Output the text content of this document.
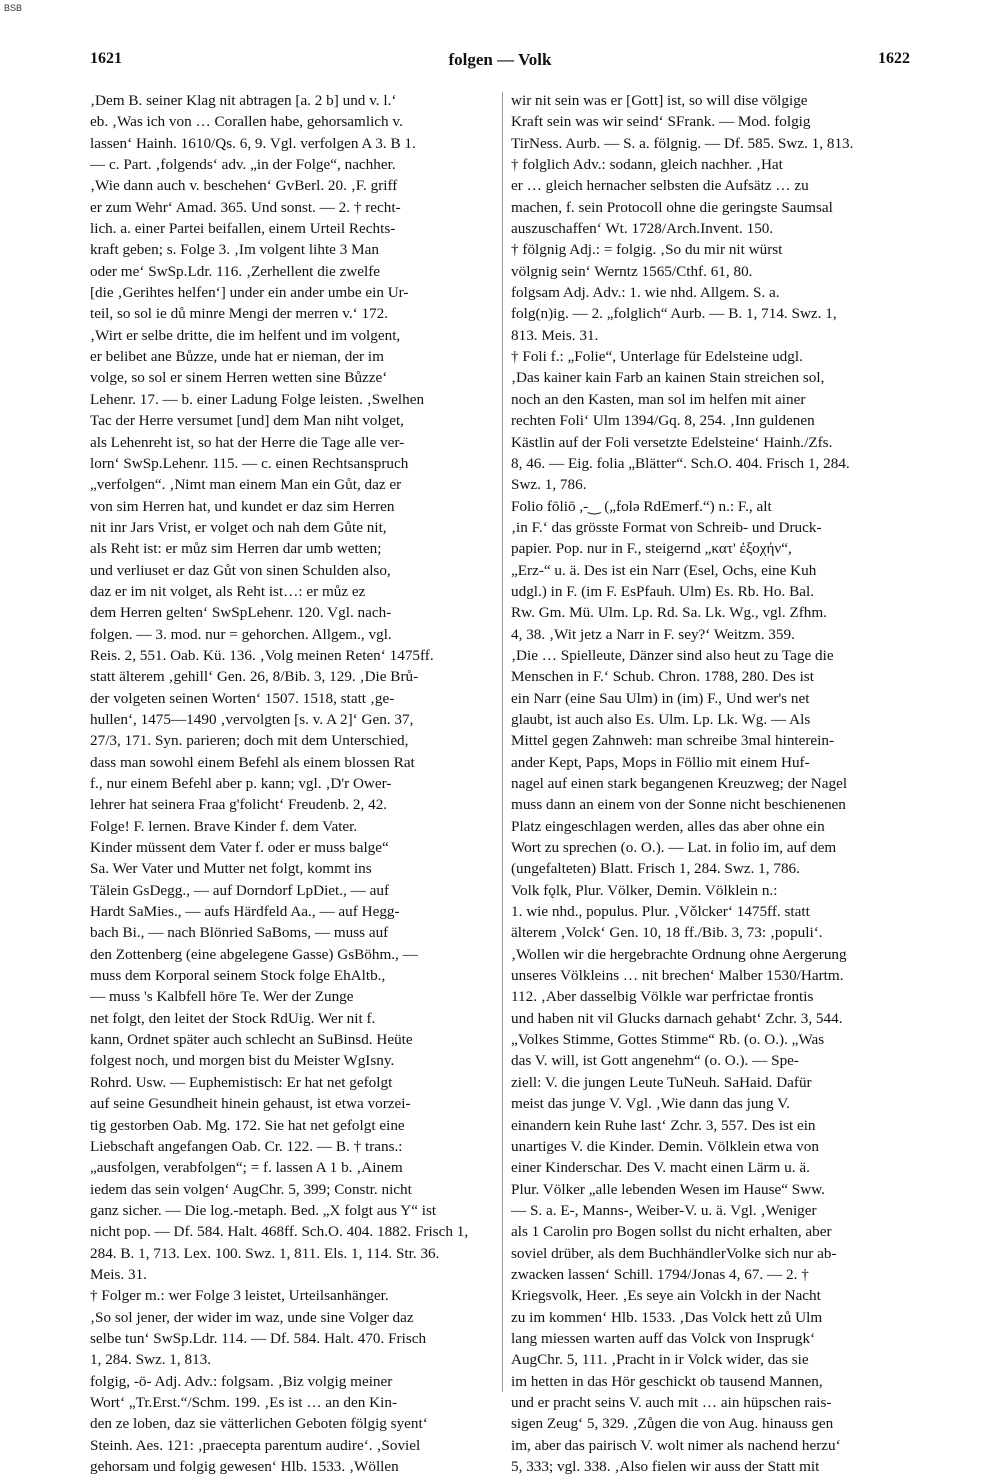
BSB
1621	folgen — Volk	1622
‚Dem B. seiner Klag nit abtragen [a. 2 b] und v. l.‘
eb. ‚Was ich von … Corallen habe, gehorsamlich v.
lassen‘ Hainh. 1610/Qs. 6, 9. Vgl. verfolgen A 3. B 1.
— c. Part. ‚folgends‘ adv. „in der Folge“, nachher.
‚Wie dann auch v. beschehen‘ GvBerl. 20. ‚F. griff
er zum Wehr‘ Amad. 365. Und sonst. — 2. † recht-
lich. a. einer Partei beifallen, einem Urteil Rechts-
kraft geben; s. Folge 3. ‚Im volgent lihte 3 Man
oder me‘ SwSp.Ldr. 116. ‚Zerhellent die zwelfe
[die ‚Gerihtes helfen‘] under ein ander umbe ein Ur-
teil, so sol ie dů minre Mengi der merren v.‘ 172.
‚Wirt er selbe dritte, die im helfent und im volgent,
er belibet ane Bůzze, unde hat er nieman, der im
volge, so sol er sinem Herren wetten sine Bůzze‘
Lehenr. 17. — b. einer Ladung Folge leisten. ‚Swelhen
Tac der Herre versumet [und] dem Man niht volget,
als Lehenreht ist, so hat der Herre die Tage alle ver-
lorn‘ SwSp.Lehenr. 115. — c. einen Rechtsanspruch
„verfolgen“. ‚Nimt man einem Man ein Gůt, daz er
von sim Herren hat, und kundet er daz sim Herren
nit inr Jars Vrist, er volget och nah dem Gůte nit,
als Reht ist: er můz sim Herren dar umb wetten;
und verliuset er daz Gůt von sinen Schulden also,
daz er im nit volget, als Reht ist…: er můz ez
dem Herren gelten‘ SwSpLehenr. 120. Vgl. nach-
folgen. — 3. mod. nur = gehorchen. Allgem., vgl.
Reis. 2, 551. Oab. Kü. 136. ‚Volg meinen Reten‘ 1475ff.
statt älterem ‚gehill‘ Gen. 26, 8/Bib. 3, 129. ‚Die Brů-
der volgeten seinen Worten‘ 1507. 1518, statt ‚ge-
hullen‘, 1475—1490 ‚vervolgten [s. v. A 2]‘ Gen. 37,
27/3, 171. Syn. parieren; doch mit dem Unterschied,
dass man sowohl einem Befehl als einem blossen Rat
f., nur einem Befehl aber p. kann; vgl. ‚D'r Ower-
lehrer hat seinera Fraa g'folicht‘ Freudenb. 2, 42.
Folge! F. lernen. Brave Kinder f. dem Vater.
Kinder müssent dem Vater f. oder er muss balge“
Sa. Wer Vater und Mutter net folgt, kommt ins
Tälein GsDegg., — auf Dorndorf LpDiet., — auf
Hardt SaMies., — aufs Härdfeld Aa., — auf Hegg-
bach Bi., — nach Blönried SaBoms, — muss auf
den Zottenberg (eine abgelegene Gasse) GsBöhm., —
muss dem Korporal seinem Stock folge EhAltb.,
— muss 's Kalbfell höre Te. Wer der Zunge
net folgt, den leitet der Stock RdUig. Wer nit f.
kann, Ordnet später auch schlecht an SuBinsd. Heüte
folgest noch, und morgen bist du Meister WgIsny.
Rohrd. Usw. — Euphemistisch: Er hat net gefolgt
auf seine Gesundheit hinein gehaust, ist etwa vorzei-
tig gestorben Oab. Mg. 172. Sie hat net gefolgt eine
Liebschaft angefangen Oab. Cr. 122. — B. † trans.:
„ausfolgen, verabfolgen“; = f. lassen A 1 b. ‚Ainem
iedem das sein volgen‘ AugChr. 5, 399; Constr. nicht
ganz sicher. — Die log.-metaph. Bed. „X folgt aus Y“ ist
nicht pop. — Df. 584. Halt. 468ff. Sch.O. 404. 1882. Frisch 1,
284. B. 1, 713. Lex. 100. Swz. 1, 811. Els. 1, 114. Str. 36.
Meis. 31.
† Folger m.: wer Folge 3 leistet, Urteilsanhänger.
‚So sol jener, der wider im waz, unde sine Volger daz
selbe tun‘ SwSp.Ldr. 114. — Df. 584. Halt. 470. Frisch
1, 284. Swz. 1, 813.
folgig, -ö- Adj. Adv.: folgsam. ‚Biz volgig meiner
Wort‘ „Tr.Erst.“/Schm. 199. ‚Es ist … an den Kin-
den ze loben, daz sie vätterlichen Geboten fölgig syent‘
Steinh. Aes. 121: ‚praecepta parentum audire‘. ‚Soviel
gehorsam und folgig gewesen‘ Hlb. 1533. ‚Wöllen
wir nit sein was er [Gott] ist, so will dise völgige
Kraft sein was wir seind‘ SFrank. — Mod. folgig
TirNess. Aurb. — S. a. fölgnig. — Df. 585. Swz. 1, 813.
† folglich Adv.: sodann, gleich nachher. ‚Hat
er … gleich hernacher selbsten die Aufsätz … zu
machen, f. sein Protocoll ohne die geringste Saumsal
auszuschaffen‘ Wt. 1728/Arch.Invent. 150.
† fölgnig Adj.: = folgig. ‚So du mir nit würst
völgnig sein‘ Werntz 1565/Cthf. 61, 80.
folgsam Adj. Adv.: 1. wie nhd. Allgem. S. a.
folg(n)ig. — 2. „folglich“ Aurb. — B. 1, 714. Swz. 1,
813. Meis. 31.
† Foli f.: „Folie“, Unterlage für Edelsteine udgl.
‚Das kainer kain Farb an kainen Stain streichen sol,
noch an den Kasten, man sol im helfen mit ainer
rechten Foli‘ Ulm 1394/Gq. 8, 254. ‚Inn guldenen
Kästlin auf der Foli versetzte Edelsteine‘ Hainh./Zfs.
8, 46. — Eig. folia „Blätter“. Sch.O. 404. Frisch 1, 284.
Swz. 1, 786.
Folio fōliō ,-‿ („folə RdEmerf.“) n.: F., alt
‚in F.‘ das grösste Format von Schreib- und Druck-
papier. Pop. nur in F., steigernd „κατ' ἐξοχήν“,
„Erz-“ u. ä. Des ist ein Narr (Esel, Ochs, eine Kuh
udgl.) in F. (im F. EsPfauh. Ulm) Es. Rb. Ho. Bal.
Rw. Gm. Mü. Ulm. Lp. Rd. Sa. Lk. Wg., vgl. Zfhm.
4, 38. ‚Wit jetz a Narr in F. sey?‘ Weitzm. 359.
‚Die … Spielleute, Dänzer sind also heut zu Tage die
Menschen in F.‘ Schub. Chron. 1788, 280. Des ist
ein Narr (eine Sau Ulm) in (im) F., Und wer's net
glaubt, ist auch also Es. Ulm. Lp. Lk. Wg. — Als
Mittel gegen Zahnweh: man schreibe 3mal hinterein-
ander Kept, Paps, Mops in Föllio mit einem Huf-
nagel auf einen stark begangenen Kreuzweg; der Nagel
muss dann an einem von der Sonne nicht beschienenen
Platz eingeschlagen werden, alles das aber ohne ein
Wort zu sprechen (o. O.). — Lat. in folio im, auf dem
(ungefalteten) Blatt. Frisch 1, 284. Swz. 1, 786.
Volk fǫlk, Plur. Völker, Demin. Völklein n.:
1. wie nhd., populus. Plur. ‚Vǒlcker‘ 1475ff. statt
älterem ‚Volck‘ Gen. 10, 18 ff./Bib. 3, 73: ‚populi‘.
‚Wollen wir die hergebrachte Ordnung ohne Aergerung
unseres Völkleins … nit brechen‘ Malber 1530/Hartm.
112. ‚Aber dasselbig Völkle war perfrictae frontis
und haben nit vil Glucks darnach gehabt‘ Zchr. 3, 544.
„Volkes Stimme, Gottes Stimme“ Rb. (o. O.). „Was
das V. will, ist Gott angenehm“ (o. O.). — Spe-
ziell: V. die jungen Leute TuNeuh. SaHaid. Dafür
meist das junge V. Vgl. ‚Wie dann das jung V.
einandern kein Ruhe last‘ Zchr. 3, 557. Des ist ein
unartiges V. die Kinder. Demin. Völklein etwa von
einer Kinderschar. Des V. macht einen Lärm u. ä.
Plur. Völker „alle lebenden Wesen im Hause“ Sww.
— S. a. E-, Manns-, Weiber-V. u. ä. Vgl. ‚Weniger
als 1 Carolin pro Bogen sollst du nicht erhalten, aber
soviel drüber, als dem BuchhändlerVolke sich nur ab-
zwacken lassen‘ Schill. 1794/Jonas 4, 67. — 2. †
Kriegsvolk, Heer. ‚Es seye ain Volckh in der Nacht
zu im kommen‘ Hlb. 1533. ‚Das Volck hett zů Ulm
lang miessen warten auff das Volck von Insprugk‘
AugChr. 5, 111. ‚Pracht in ir Volck wider, das sie
im hetten in das Hör geschickt ob tausend Mannen,
und er pracht seins V. auch mit … ain hüpschen rais-
sigen Zeug‘ 5, 329. ‚Zůgen die von Aug. hinauss gen
im, aber das pairisch V. wolt nimer als nachend herzu‘
5, 333; vgl. 338. ‚Also fielen wir auss der Statt mit
